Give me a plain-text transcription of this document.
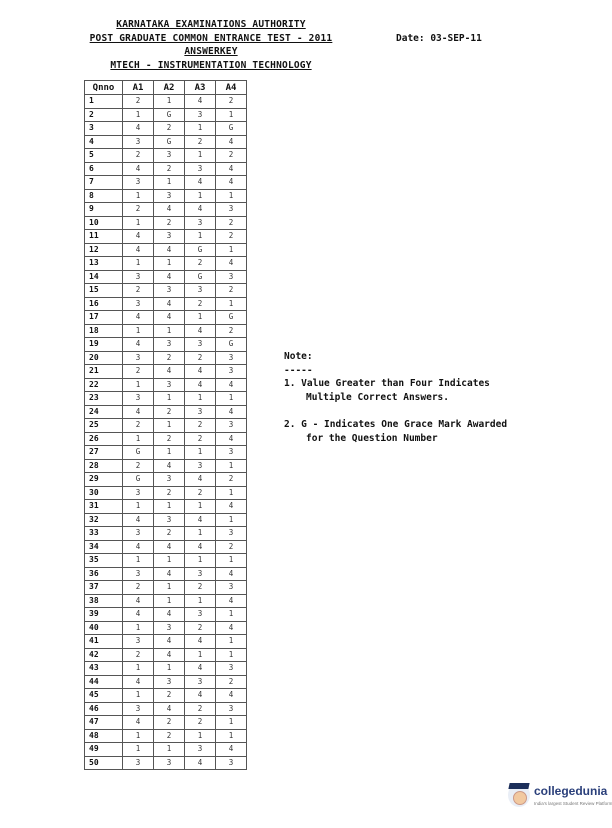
KARNATAKA EXAMINATIONS AUTHORITY
POST GRADUATE COMMON ENTRANCE TEST - 2011
ANSWERKEY
MTECH - INSTRUMENTATION TECHNOLOGY
Date: 03-SEP-11
Qnno	A1	A2	A3	A4
1	2	1	4	2
2	1	G	3	1
3	4	2	1	G
4	3	G	2	4
5	2	3	1	2
6	4	2	3	4
7	3	1	4	4
8	1	3	1	1
9	2	4	4	3
10	1	2	3	2
11	4	3	1	2
12	4	4	G	1
13	1	1	2	4
14	3	4	G	3
15	2	3	3	2
16	3	4	2	1
17	4	4	1	G
18	1	1	4	2
19	4	3	3	G
20	3	2	2	3
21	2	4	4	3
22	1	3	4	4
23	3	1	1	1
24	4	2	3	4
25	2	1	2	3
26	1	2	2	4
27	G	1	1	3
28	2	4	3	1
29	G	3	4	2
30	3	2	2	1
31	1	1	1	4
32	4	3	4	1
33	3	2	1	3
34	4	4	4	2
35	1	1	1	1
36	3	4	3	4
37	2	1	2	3
38	4	1	1	4
39	4	4	3	1
40	1	3	2	4
41	3	4	4	1
42	2	4	1	1
43	1	1	4	3
44	4	3	3	2
45	1	2	4	4
46	3	4	2	3
47	4	2	2	1
48	1	2	1	1
49	1	1	3	4
50	3	3	4	3
Note:
-----
1. Value Greater than Four Indicates
Multiple Correct Answers.
2. G - Indicates One Grace Mark Awarded
for the Question Number
collegedunia
India's largest Student Review Platform
